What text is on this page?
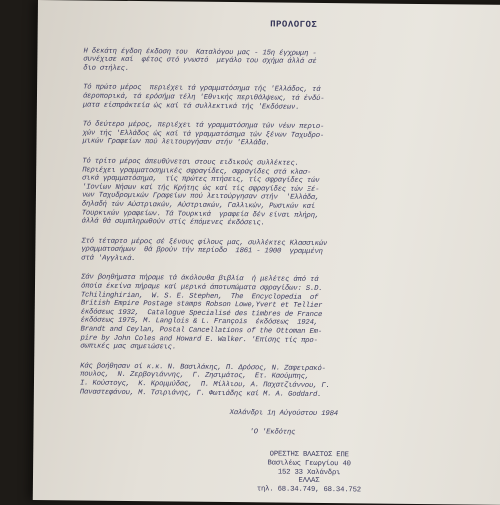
ΠΡΟΛΟΓΟΣ
Η δεκάτη έγδοη έκδοση του  Καταλόγου μας - 15η έγχρωμη -
συνέχισε καί  φέτος στό γνωστό  μεγάλο του σχήμα άλλά σέ
διο στήλες.
Τό πρώτο μέρος  περιέχει τά γραμματόσημα τής 'Ελλάδος, τά
άεροπορικά, τά ερόσήμα τέλη 'Εθνικής περιθάλψεως, τά ένδύ-
ματα είσπράκτεία ώς καί τά συλλεκτικά τής 'Εκδόσεων.
Τό δεύτερο μέρος, περιέχει τά γραμματόσημα τών νέων περιο-
χών τής 'Ελλάδος ώς καί τά γραμματόσημα τών ξένων Ταχυδρο-
μικών Γραφείων πού λειτουργήσαν στήν 'Ελλάδα.
Τό τρίτο μέρος άπευθύνεται στους ειδικούς συλλέκτες.
Περιέχει γραμματοσημικές σφραγίδες, σφραγίδες στά κλασ-
σικά γραμματόσημα,  τίς πρώτες πτήσεις, τίς σφραγίδες τών
'Ιονίων Νήσων καί τής Κρήτης ώς καί τίς σφραγίδες τών Ξέ-
νων Ταχυδρομικών Γραφείων πού λειτούργησαν στήν  'Ελλάδα,
δηλαδή τών Αύστριακών, Αύστριακών, Γαλλικών, Ρωσικών καί
Τουρκικών γραφείων. Τά Τουρκικά  γραφεία δέν είναι πλήρη,
άλλά θά συμπληρωθούν στίς έπόμενες έκδόσεις.
Στό τέταρτο μέρος σέ ξένους φίλους μας, συλλέκτες Κλασσικών
γραμματοσήμων  θά βρούν τήν περίοδο  1861 - 1900  γραμμένη
στά 'Αγγλικά.
Σάν βοηθήματα πήραμε τά άκόλουθα βιβλία  ή μελέτες άπό τά
όποία έκείνα πήραμε καί μερικά άποτυπώματα σφραγίδων: S.D.
Tchilinghirian,  W. S. E. Stephen,  The  Encyclopedia  of
British Empire Postage stamps Robson Lowe,Yvert et Tellier
έκδόσεως 1932,  Catalogue Specialisé des timbres de France
έκδόσεως 1975, M. Langlois & L. François  έκδόσεως  1924,
Brandt and Ceylan, Postal Cancellations of the Ottoman Em-
pire by John Coles and Howard E. Walker. 'Επίσης τίς προ-
σωπικές μας σημειώσεις.
Κάς βοήθησαν οί κ.κ. Ν. Βασιλάκης, Π. Δρόσος, Ν. Ζαφειρακό-
πουλος,  Ν. Ζερβογιάννης,  Γ. Ζησιμάτος,  Ετ. Καούμπης,
Ι. Κούστογς,  Κ. Κρομμύδας,  Π. Μίλλιου, Α. Παχατζιάννου, Γ.
Παναστεφάνου, Μ. Τσιριάνης, Γ. Φωτιάδης καί Μ. Α. Goddard.
Χαλάνδρι 1η Αύγούστου 1984
'Ο 'Εκδότης
ΟΡΕΣΤΗΣ ΒΛΑΣΤΟΣ ΕΠΕ
Βασιλέως Γεωργίου 40
152 33 Χαλάνδρι
ΕΛΛΑΣ
τηλ. 68.34.749, 68.34.752
